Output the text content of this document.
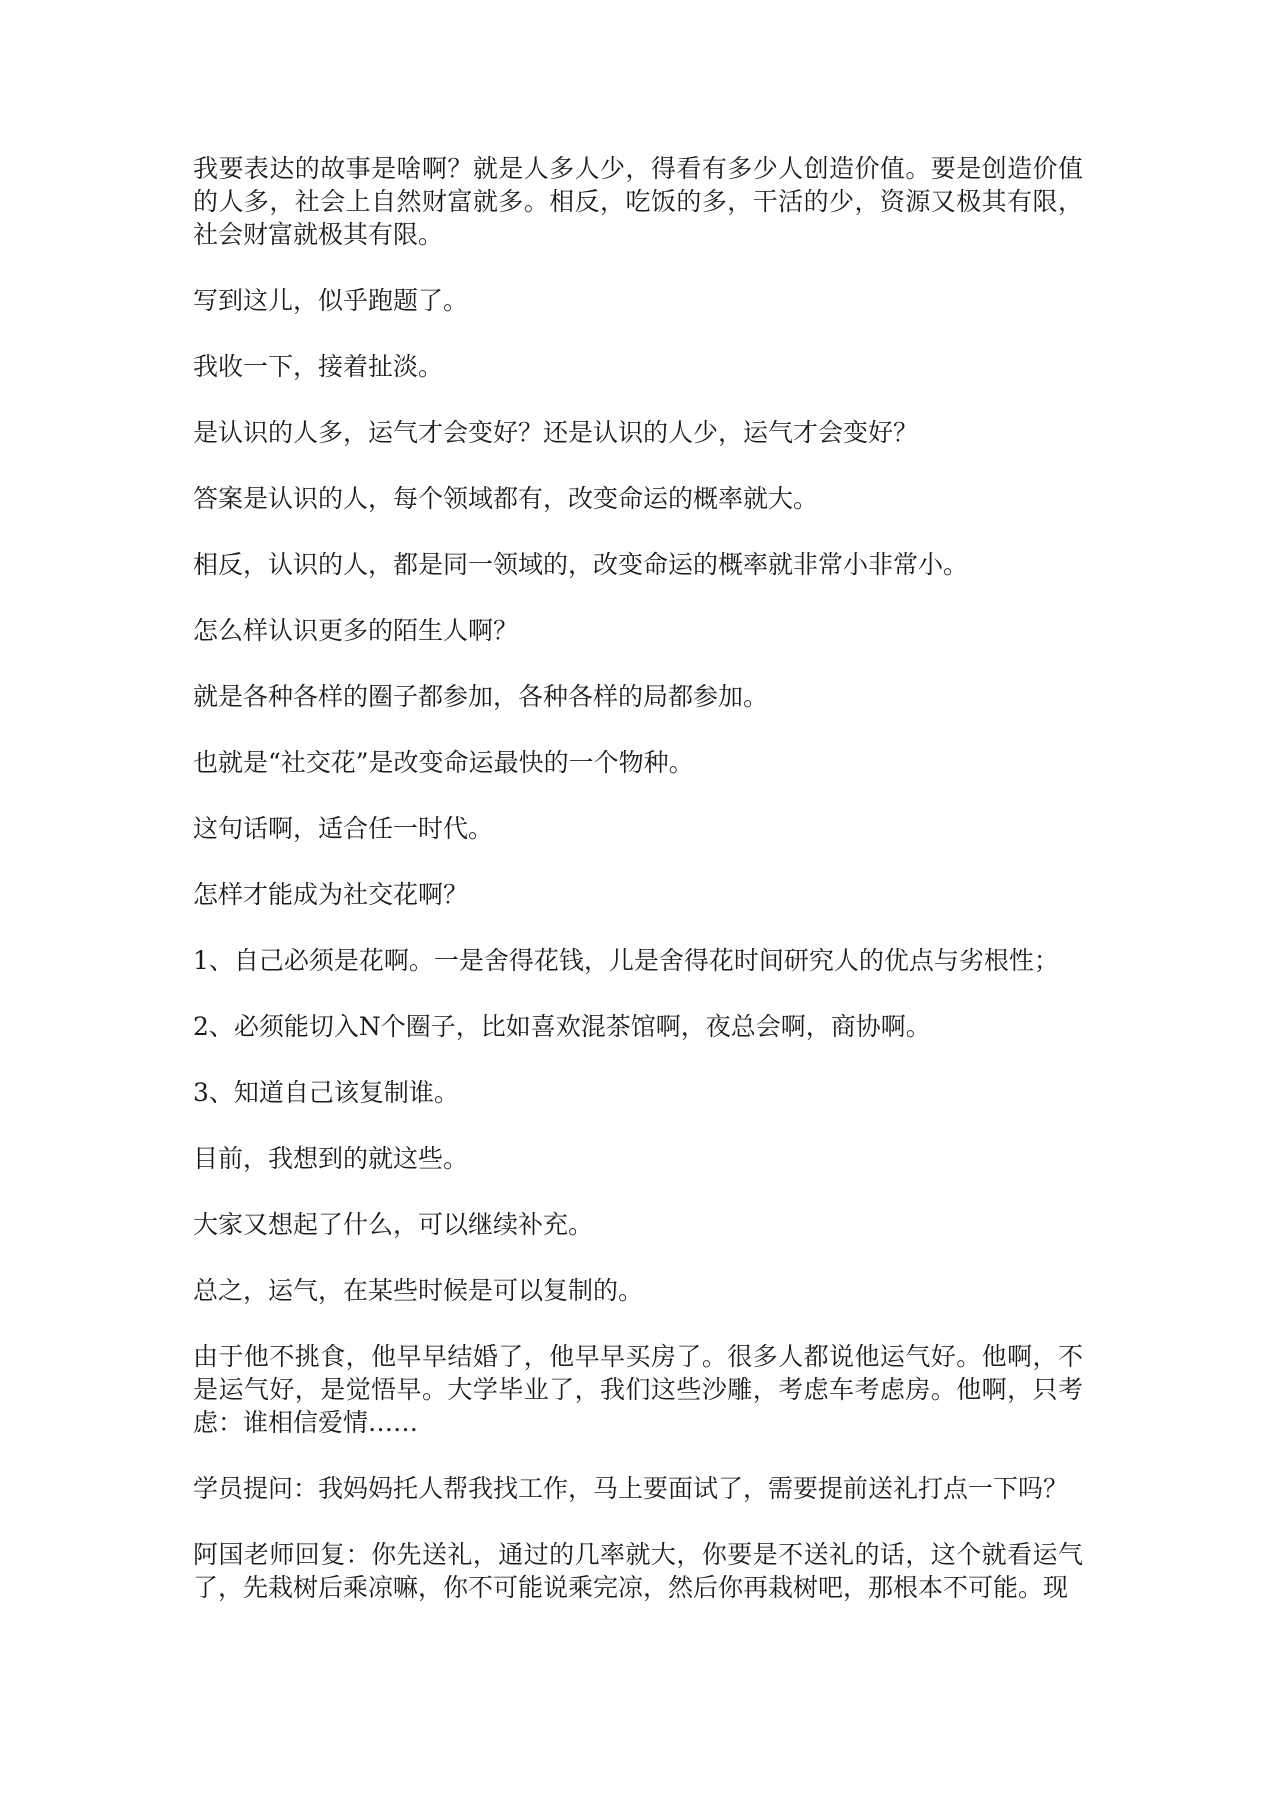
我要表达的故事是啥啊？就是人多人少，得看有多少人创造价值。要是创造价值的人多，社会上自然财富就多。相反，吃饭的多，干活的少，资源又极其有限，社会财富就极其有限。

写到这儿，似乎跑题了。

我收一下，接着扯淡。

是认识的人多，运气才会变好？还是认识的人少，运气才会变好？

答案是认识的人，每个领域都有，改变命运的概率就大。

相反，认识的人，都是同一领域的，改变命运的概率就非常小非常小。

怎么样认识更多的陌生人啊？

就是各种各样的圈子都参加，各种各样的局都参加。

也就是“社交花”是改变命运最快的一个物种。

这句话啊，适合任一时代。

怎样才能成为社交花啊？

1、自己必须是花啊。一是舍得花钱，儿是舍得花时间研究人的优点与劣根性；

2、必须能切入N个圈子，比如喜欢混茶馆啊，夜总会啊，商协啊。

3、知道自己该复制谁。

目前，我想到的就这些。

大家又想起了什么，可以继续补充。

总之，运气，在某些时候是可以复制的。

由于他不挑食，他早早结婚了，他早早买房了。很多人都说他运气好。他啊，不是运气好，是觉悟早。大学毕业了，我们这些沙雕，考虑车考虑房。他啊，只考虑：谁相信爱情……

学员提问：我妈妈托人帮我找工作，马上要面试了，需要提前送礼打点一下吗？

阿国老师回复：你先送礼，通过的几率就大，你要是不送礼的话，这个就看运气了，先栽树后乘凉嘛，你不可能说乘完凉，然后你再栽树吧，那根本不可能。现
